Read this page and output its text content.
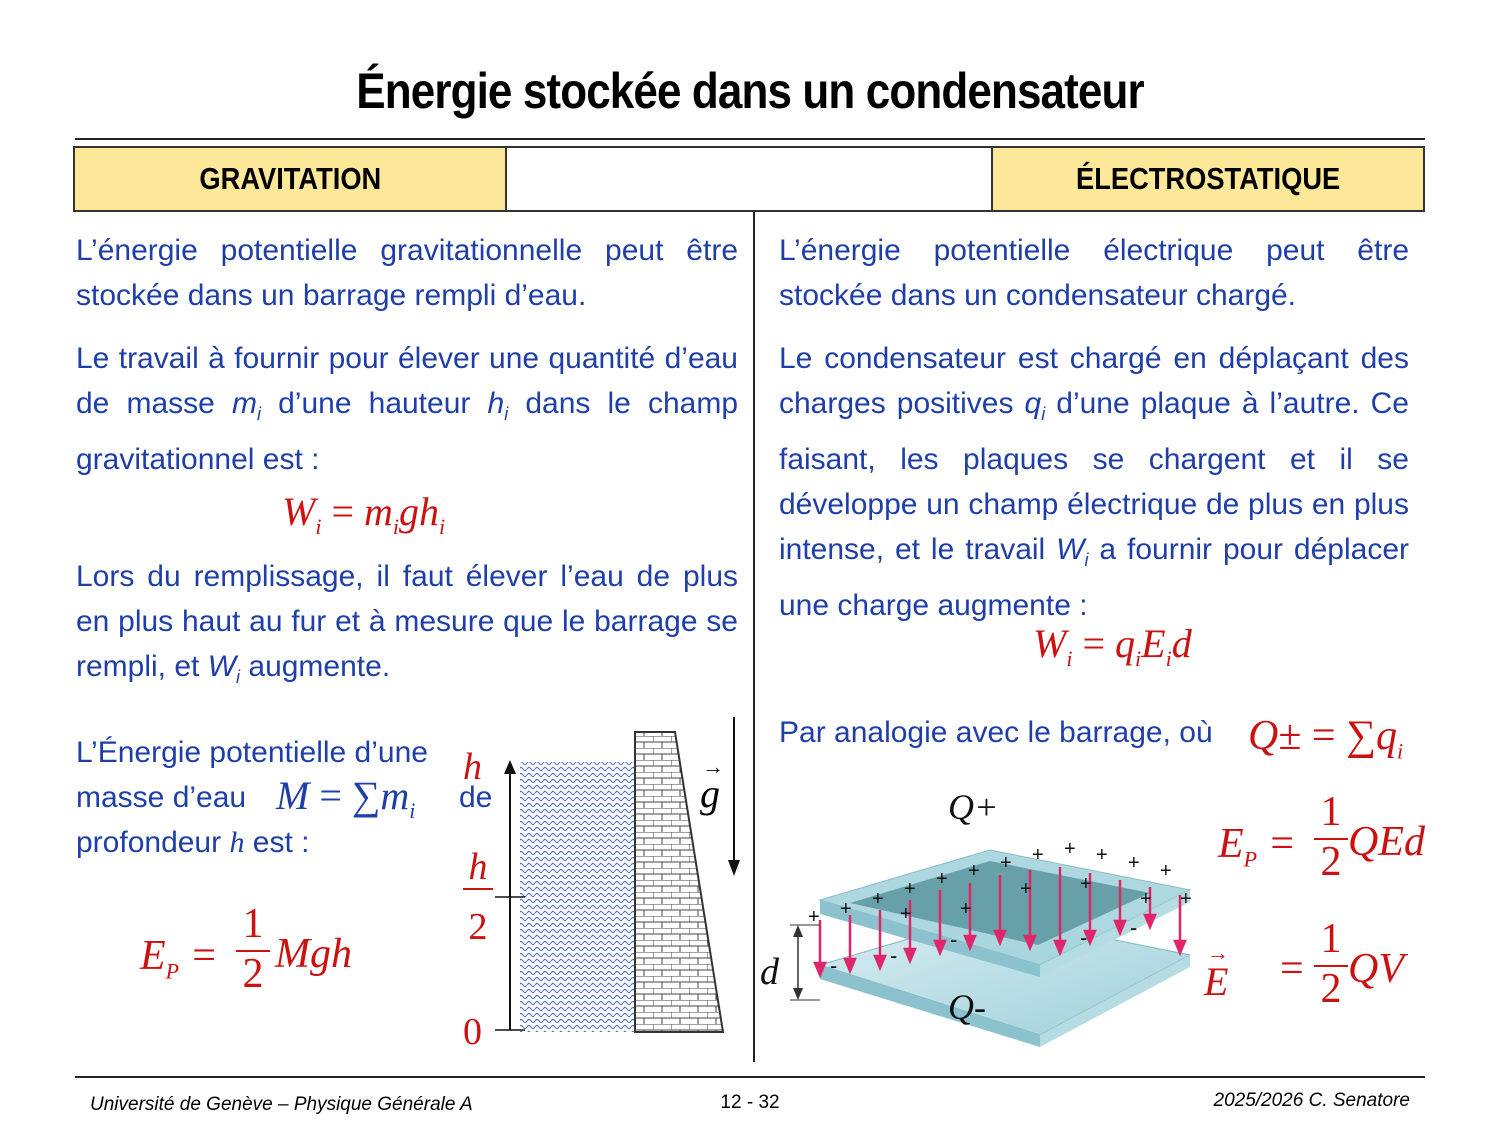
Énergie stockée dans un condensateur
GRAVITATION	ÉLECTROSTATIQUE
L’énergie potentielle gravitationnelle peut être stockée dans un barrage rempli d’eau.
Le travail à fournir pour élever une quantité d’eau de masse $m_i$ d’une hauteur $h_i$ dans le champ gravitationnel est :
$W_i = m_igh_i$
Lors du remplissage, il faut élever l’eau de plus en plus haut au fur et à mesure que le barrage se rempli, et $W_i$ augmente.
L’Énergie potentielle d’une
masse d’eau	de
profondeur h est :
$M = \sum m_i$
$E_P$ =
1
2 Mgh
h
h
2
0
→
g
L’énergie potentielle électrique peut être stockée dans un condensateur chargé.
Le condensateur est chargé en déplaçant des charges positives $q_i$ d’une plaque à l’autre. Ce faisant, les plaques se chargent et il se développe un champ électrique de plus en plus intense, et le travail $W_i$ a fournir pour déplacer une charge augmente :
$W_i = q_iE_id$
Par analogie avec le barrage, où $Q\pm = \sum q_i$
$E_P$ =
1
2 QEd
=
1
2 QV
+ + + + + + + + + + + +
+
+ +
+ +
+
- -
-	- -
Q+
Q-
d	→
E
Université de Genève – Physique Générale A	12 - 32	2025/2026 C. Senatore
